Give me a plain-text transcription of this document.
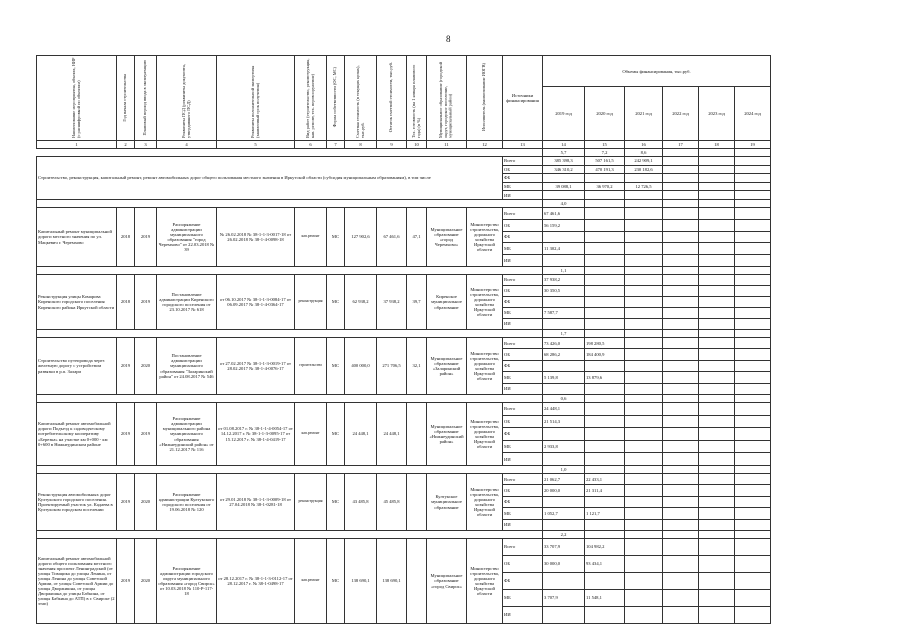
8
Наименование мероприятия, объекта, НИР (с расшифровкой по объектам)	Год начала строительства	Плановый период ввода в эксплуатацию	Реквизиты ПСД (реквизиты документа, утвердившего ПСД)	Реквизиты положительной экспертизы (заявленный срок получения)	Вид работ (строительство, реконструкция, кап. ремонт, тех. перевооружение)	Форма собственности (ОС, МС)	Сметная стоимость (в текущих ценах), тыс.руб.	Остаток сметной стоимости, тыс.руб.	Тех. готовность (на 1 января планового года) (в %)	Муниципальное образование (городской округ, городское поселение, муниципальный район)	Исполнитель (наименование ИОГВ)	Источники финансирования	Объемы финансирования, тыс.руб.					
													2019 год	2020 год	2021 год	2022 год	2023 год	2024 год
1	2	3	4	5	6	7	8	9	10	11	12	13	14	15	16	17	18	19
													5,7	7,2	8,6			
Строительство, реконструкция, капитальный ремонт, ремонт автомобильных дорог общего пользования местного значения в Иркутской области (субсидия муниципальным образованиям), в том числе												Всего	385 398,3	507 161,5	242 909,1			
												ОБ	346 310,2	470 191,3	230 182,6			
												ФБ						
												МБ	39 088,1	36 970,2	12 726,5			
												ИИ						
													4,0					
Капитальный ремонт муниципальной дороги местного значения по ул. Мацкевич г. Черемхово	2018	2019	Распоряжение администрации муниципального образования "город Черемхово" от 22.03.2018 № 39	№ 26.02.2018 № 38-1-1-3-0017-18 от 26.02.2018 № 38-1-4-0098-18	кап.ремонт	МС	127 902,6	67 461,6	47,1	Муниципальное образование «город Черемхово»	Министерство строительства, дорожного хозяйства Иркутской области	Всего	67 461,6					
												ОБ	56 159,2					
												ФБ						
												МБ	11 302,4					
												ИИ						
													1,1					
Реконструкция улицы Комарова Киренского городского поселения Киренского района Иркутской области	2018	2019	Постановление администрации Киренского городского поселения от 23.10.2017 № 618	от 06.10.2017 № 38-1-1-3-0084-17 от 06.09.2017 № 38-1-4-0364-17	реконструкция	МС	62 938,2	37 938,2	39,7	Киренское муниципальное образование	Министерство строительства, дорожного хозяйства Иркутской области	Всего	37 938,2					
												ОБ	30 350,5					
												ФБ						
												МБ	7 587,7					
												ИИ						
													1,7					
Строительство путепровода через железную дорогу с устройством развязки в р.п. Залари	2019	2020	Постановление администрации муниципального образования "Заларинский район" от 24.08.2017 № 546	от 27.02.2017 № 38-1-1-3-0019-17 от 28.02.2017 № 38-1-4-0076-17	строительство	МС	400 000,0	271 706,5	32,1	Муниципальное образование «Заларинский район»	Министерство строительства, дорожного хозяйства Иркутской области	Всего	73 426,0	198 280,5				
												ОБ	68 286,2	184 400,9				
												ФБ						
												МБ	5 139,8	13 879,6				
												ИИ						
													0,6					
Капитальный ремонт автомобильной дороги Подъезд к садоводческому потребительскому кооперативу «Березка» на участке км 0+000 - км 0+600 в Нижнеудинском районе	2019	2019	Распоряжение администрации муниципального района муниципального образования «Нижнеудинский район» от 21.12.2017 № 116	от 01.08.2017 г. № 38-1-1-4-0054-17 от 14.12.2017 г. № 38-1-1-3-0095-17 от 15.12.2017 г. № 38-1-4-0419-17	кап.ремонт	МС	24 448,1	24 448,1		Муниципальное образование «Нижнеудинский район»	Министерство строительства, дорожного хозяйства Иркутской области	Всего	24 448,1					
												ОБ	21 514,3					
												ФБ						
												МБ	2 933,8					
												ИИ						
													1,0					
Реконструкция автомобильных дорог Култукского городского поселения. Проектируемый участок ул. Кадаева в Култукском городском поселении	2019	2020	Распоряжение администрации Култукского городского поселения от 19.06.2018 № 120	от 29.01.2018 № 38-1-1-3-0009-18 от 27.04.2018 № 38-1-0281-18	реконструкция	МС	43 485,8	45 485,8		Култукское муниципальное образование	Министерство строительства, дорожного хозяйства Иркутской области	Всего	21 062,7	22 433,1				
												ОБ	20 000,0	21 311,4				
												ФБ						
												МБ	1 052,7	1 121,7				
												ИИ						
													2,2					
Капитальный ремонт автомобильной дороги общего пользования местного значения проспект Ленинградский (от улицы Тимщика до улицы Ленина, от улицы Ленина до улицы Советской Армии, от улицы Советской Армии до улицы Дворжишна, от улицы Дворжишна до улицы Бабкина, от улицы Бабкина до АТП) в г. Свирске (2 этап)	2019	2020	Распоряжение администрации городского округа муниципального образования «город Свирск» от 10.03.2018 № 110-Р-117-18	от 28.12.2017 г. № 38-1-1-3-0112-17 от 28.12.2017 г. № 38-1-0498-17	кап.ремонт	МС	138 690,1	138 690,1		Муниципальное образование «город Свирск»	Министерство строительства, дорожного хозяйства Иркутской области	Всего	33 707,9	104 982,2				
												ОБ	30 000,0	93 434,1				
												ФБ						
												МБ	3 707,9	11 548,1				
												ИИ						
